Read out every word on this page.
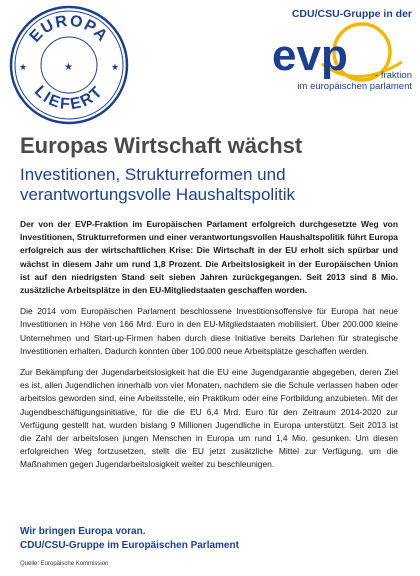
EUROPA
LIEFERT
★	★
★
CDU/CSU-Gruppe in der
evp	- fraktion
im europäischen parlament
Europas Wirtschaft wächst
Investitionen, Strukturreformen und verantwortungsvolle Haushaltspolitik

Der von der EVP-Fraktion im Europäischen Parlament erfolgreich durchgesetzte Weg von Investitionen, Strukturreformen und einer verantwortungsvollen Haushaltspolitik führt Europa erfolgreich aus der wirtschaftlichen Krise: Die Wirtschaft in der EU erholt sich spürbar und wächst in diesem Jahr um rund 1,8 Prozent. Die Arbeitslosigkeit in der Europäischen Union ist auf den niedrigsten Stand seit sieben Jahren zurückgegangen. Seit 2013 sind 8 Mio. zusätzliche Arbeitsplätze in den EU-Mitgliedstaaten geschaffen worden.

Die 2014 vom Europäischen Parlament beschlossene Investitionsoffensive für Europa hat neue Investitionen in Höhe von 166 Mrd. Euro in den EU-Mitgliedstaaten mobilisiert. Über 200.000 kleine Unternehmen und Start-up-Firmen haben durch diese Initiative bereits Darlehen für strategische Investitionen erhalten. Dadurch konnten über 100.000 neue Arbeitsplätze geschaffen werden.

Zur Bekämpfung der Jugendarbeitslosigkeit hat die EU eine Jugendgarantie abgegeben, deren Ziel es ist, allen Jugendlichen innerhalb von vier Monaten, nachdem sie die Schule verlassen haben oder arbeitslos geworden sind, eine Arbeitsstelle, ein Praktikum oder eine Fortbildung anzubieten. Mit der Jugendbeschäftigungsinitiative, für die die EU 6,4 Mrd. Euro für den Zeitraum 2014-2020 zur Verfügung gestellt hat, wurden bislang 9 Millionen Jugendliche in Europa unterstützt. Seit 2013 ist die Zahl der arbeitslosen jungen Menschen in Europa um rund 1,4 Mio. gesunken. Um diesen erfolgreichen Weg fortzusetzen, stellt die EU jetzt zusätzliche Mittel zur Verfügung, um die Maßnahmen gegen Jugendarbeitslosigkeit weiter zu beschleunigen.

Wir bringen Europa voran.
CDU/CSU-Gruppe im Europäischen Parlament
Quelle: Europäische Kommission
